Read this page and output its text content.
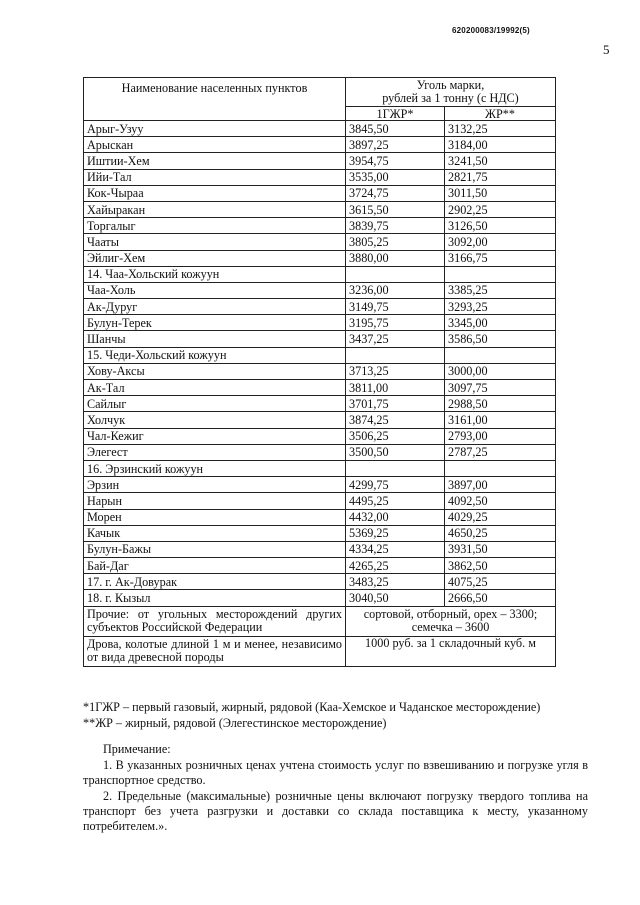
620200083/19992(5)
5
Наименование населенных пунктов	Уголь марки,
рублей за 1 тонну (с НДС)	
	1ГЖР*	ЖР**
Арыг-Узуу	3845,50	3132,25
Арыскан	3897,25	3184,00
Иштии-Хем	3954,75	3241,50
Ийи-Тал	3535,00	2821,75
Кок-Чыраа	3724,75	3011,50
Хайыракан	3615,50	2902,25
Торгалыг	3839,75	3126,50
Чааты	3805,25	3092,00
Эйлиг-Хем	3880,00	3166,75
14. Чаа-Хольский кожуун		
Чаа-Холь	3236,00	3385,25
Ак-Дуруг	3149,75	3293,25
Булун-Терек	3195,75	3345,00
Шанчы	3437,25	3586,50
15. Чеди-Хольский кожуун		
Хову-Аксы	3713,25	3000,00
Ак-Тал	3811,00	3097,75
Сайлыг	3701,75	2988,50
Холчук	3874,25	3161,00
Чал-Кежиг	3506,25	2793,00
Элегест	3500,50	2787,25
16. Эрзинский кожуун		
Эрзин	4299,75	3897,00
Нарын	4495,25	4092,50
Морен	4432,00	4029,25
Качык	5369,25	4650,25
Булун-Бажы	4334,25	3931,50
Бай-Даг	4265,25	3862,50
17. г. Ак-Довурак	3483,25	4075,25
18. г. Кызыл	3040,50	2666,50
Прочие: от угольных месторождений других субъектов Российской Федерации	сортовой, отборный, орех – 3300; семечка – 3600	
Дрова, колотые длиной 1 м и менее, независимо от вида древесной породы	1000 руб. за 1 складочный куб. м	
*1ГЖР – первый газовый, жирный, рядовой (Каа-Хемское и Чаданское месторождение)
**ЖР – жирный, рядовой (Элегестинское месторождение)
Примечание:
1. В указанных розничных ценах учтена стоимость услуг по взвешиванию и погрузке угля в транспортное средство.
2. Предельные (максимальные) розничные цены включают погрузку твердого топлива на транспорт без учета разгрузки и доставки со склада поставщика к месту, указанному потребителем.».
